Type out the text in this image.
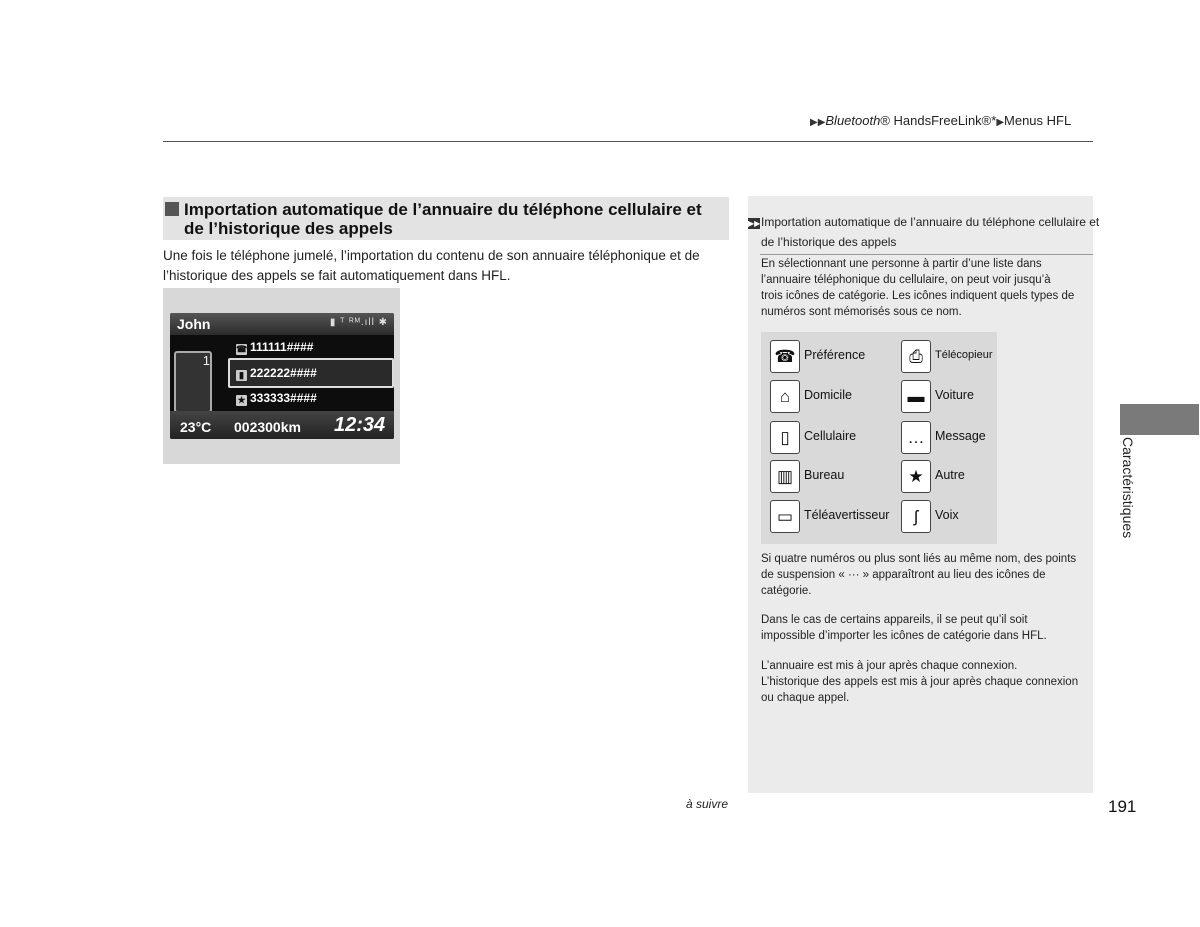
▶▶Bluetooth® HandsFreeLink®*▶Menus HFL
Importation automatique de l’annuaire du téléphone cellulaire et
de l’historique des appels
Une fois le téléphone jumelé, l’importation du contenu de son annuaire téléphonique et de
l’historique des appels se fait automatiquement dans HFL.
John	▮ ᵀ ᴿᴹ.ıll ✱
1
☎ 111111####
▮ 222222####
★ 333333####
23°C 002300km 12:34
▶▶Importation automatique de l’annuaire du téléphone cellulaire et
de l’historique des appels
En sélectionnant une personne à partir d’une liste dans
l’annuaire téléphonique du cellulaire, on peut voir jusqu’à
trois icônes de catégorie. Les icônes indiquent quels types de
numéros sont mémorisés sous ce nom.
☎ Préférence	⎙	Télécopieur
⌂	Domicile	▬ Voiture
▯	Cellulaire	… Message
▥ Bureau	★ Autre
▭ Téléavertisseur	ʃ	Voix
Si quatre numéros ou plus sont liés au même nom, des points
de suspension « ··· » apparaîtront au lieu des icônes de
catégorie.
Dans le cas de certains appareils, il se peut qu’il soit
impossible d’importer les icônes de catégorie dans HFL.
L’annuaire est mis à jour après chaque connexion.
L’historique des appels est mis à jour après chaque connexion
ou chaque appel.
Caractéristiques
à suivre	191
